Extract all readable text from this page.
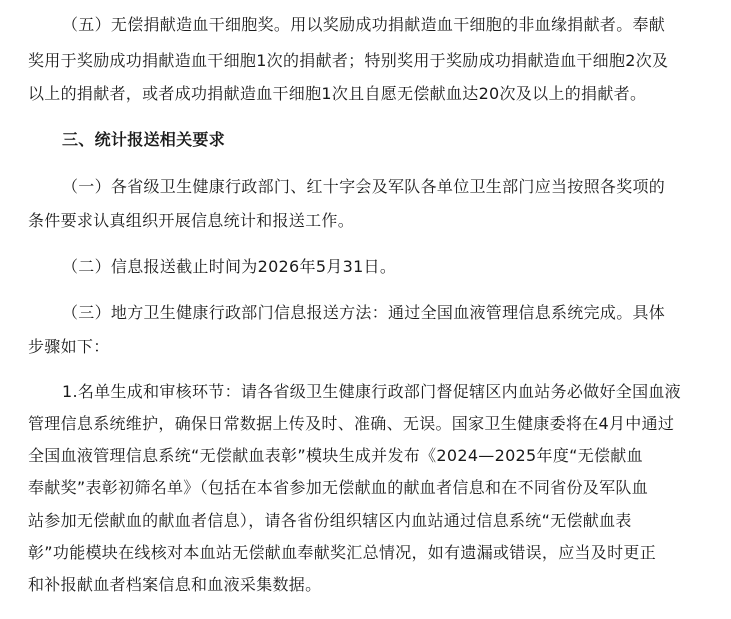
（五）无偿捐献造血干细胞奖。用以奖励成功捐献造血干细胞的非血缘捐献者。奉献
奖用于奖励成功捐献造血干细胞1次的捐献者；特别奖用于奖励成功捐献造血干细胞2次及
以上的捐献者，或者成功捐献造血干细胞1次且自愿无偿献血达20次及以上的捐献者。
三、统计报送相关要求
（一）各省级卫生健康行政部门、红十字会及军队各单位卫生部门应当按照各奖项的
条件要求认真组织开展信息统计和报送工作。
（二）信息报送截止时间为2026年5月31日。
（三）地方卫生健康行政部门信息报送方法：通过全国血液管理信息系统完成。具体
步骤如下：
1.名单生成和审核环节：请各省级卫生健康行政部门督促辖区内血站务必做好全国血液
管理信息系统维护，确保日常数据上传及时、准确、无误。国家卫生健康委将在4月中通过
全国血液管理信息系统“无偿献血表彰”模块生成并发布《2024—2025年度“无偿献血
奉献奖”表彰初筛名单》（包括在本省参加无偿献血的献血者信息和在不同省份及军队血
站参加无偿献血的献血者信息），请各省份组织辖区内血站通过信息系统“无偿献血表
彰”功能模块在线核对本血站无偿献血奉献奖汇总情况，如有遗漏或错误，应当及时更正
和补报献血者档案信息和血液采集数据。
